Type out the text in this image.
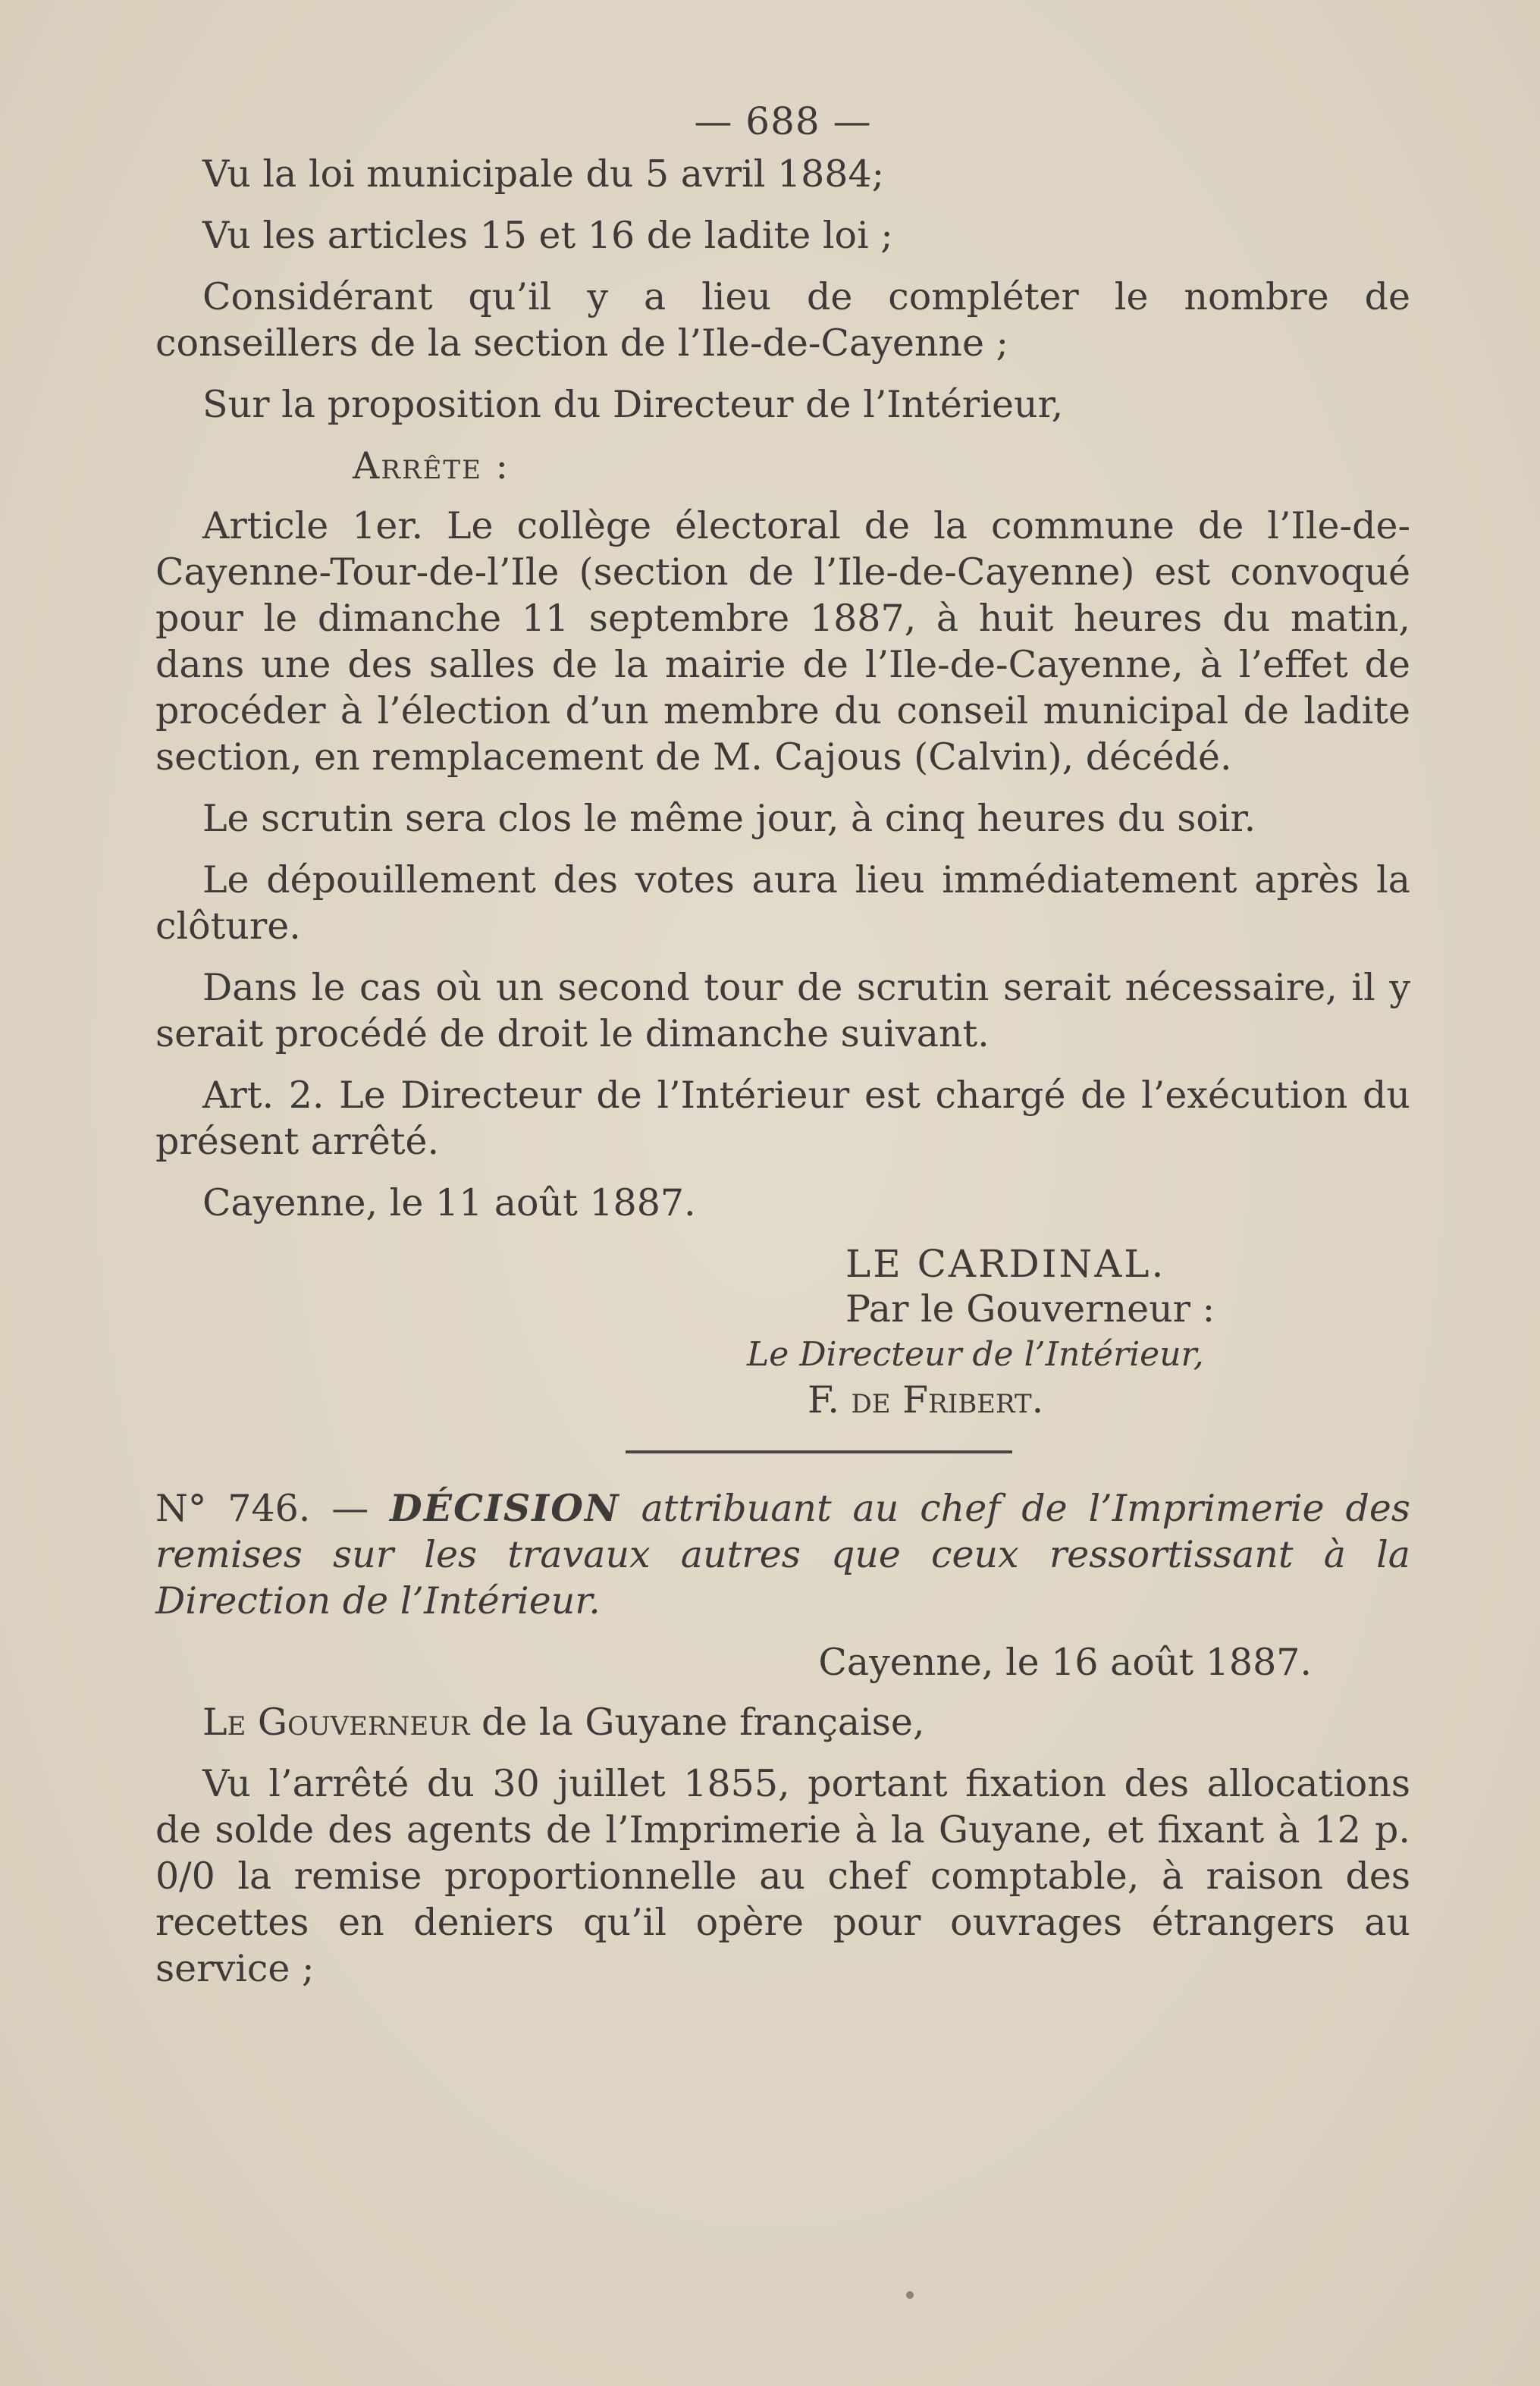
— 688 —

Vu la loi municipale du 5 avril 1884;

Vu les articles 15 et 16 de ladite loi ;

Considérant qu’il y a lieu de compléter le nombre de conseillers de la section de l’Ile-de-Cayenne ;

Sur la proposition du Directeur de l’Intérieur,

Arrête :

Article 1er. Le collège électoral de la commune de l’Ile-de-Cayenne-Tour-de-l’Ile (section de l’Ile-de-Cayenne) est convoqué pour le dimanche 11 septembre 1887, à huit heures du matin, dans une des salles de la mairie de l’Ile-de-Cayenne, à l’effet de procéder à l’élection d’un membre du conseil municipal de ladite section, en remplacement de M. Cajous (Calvin), décédé.

Le scrutin sera clos le même jour, à cinq heures du soir.

Le dépouillement des votes aura lieu immédiatement après la clôture.

Dans le cas où un second tour de scrutin serait nécessaire, il y serait procédé de droit le dimanche suivant.

Art. 2. Le Directeur de l’Intérieur est chargé de l’exécution du présent arrêté.

Cayenne, le 11 août 1887.

LE CARDINAL.
Par le Gouverneur :
Le Directeur de l’Intérieur,
F. de Fribert.

N° 746. — DÉCISION attribuant au chef de l’Imprimerie des remises sur les travaux autres que ceux ressortissant à la Direction de l’Intérieur.

Cayenne, le 16 août 1887.

Le Gouverneur de la Guyane française,

Vu l’arrêté du 30 juillet 1855, portant fixation des allocations de solde des agents de l’Imprimerie à la Guyane, et fixant à 12 p. 0/0 la remise proportionnelle au chef comptable, à raison des recettes en deniers qu’il opère pour ouvrages étrangers au service ;
